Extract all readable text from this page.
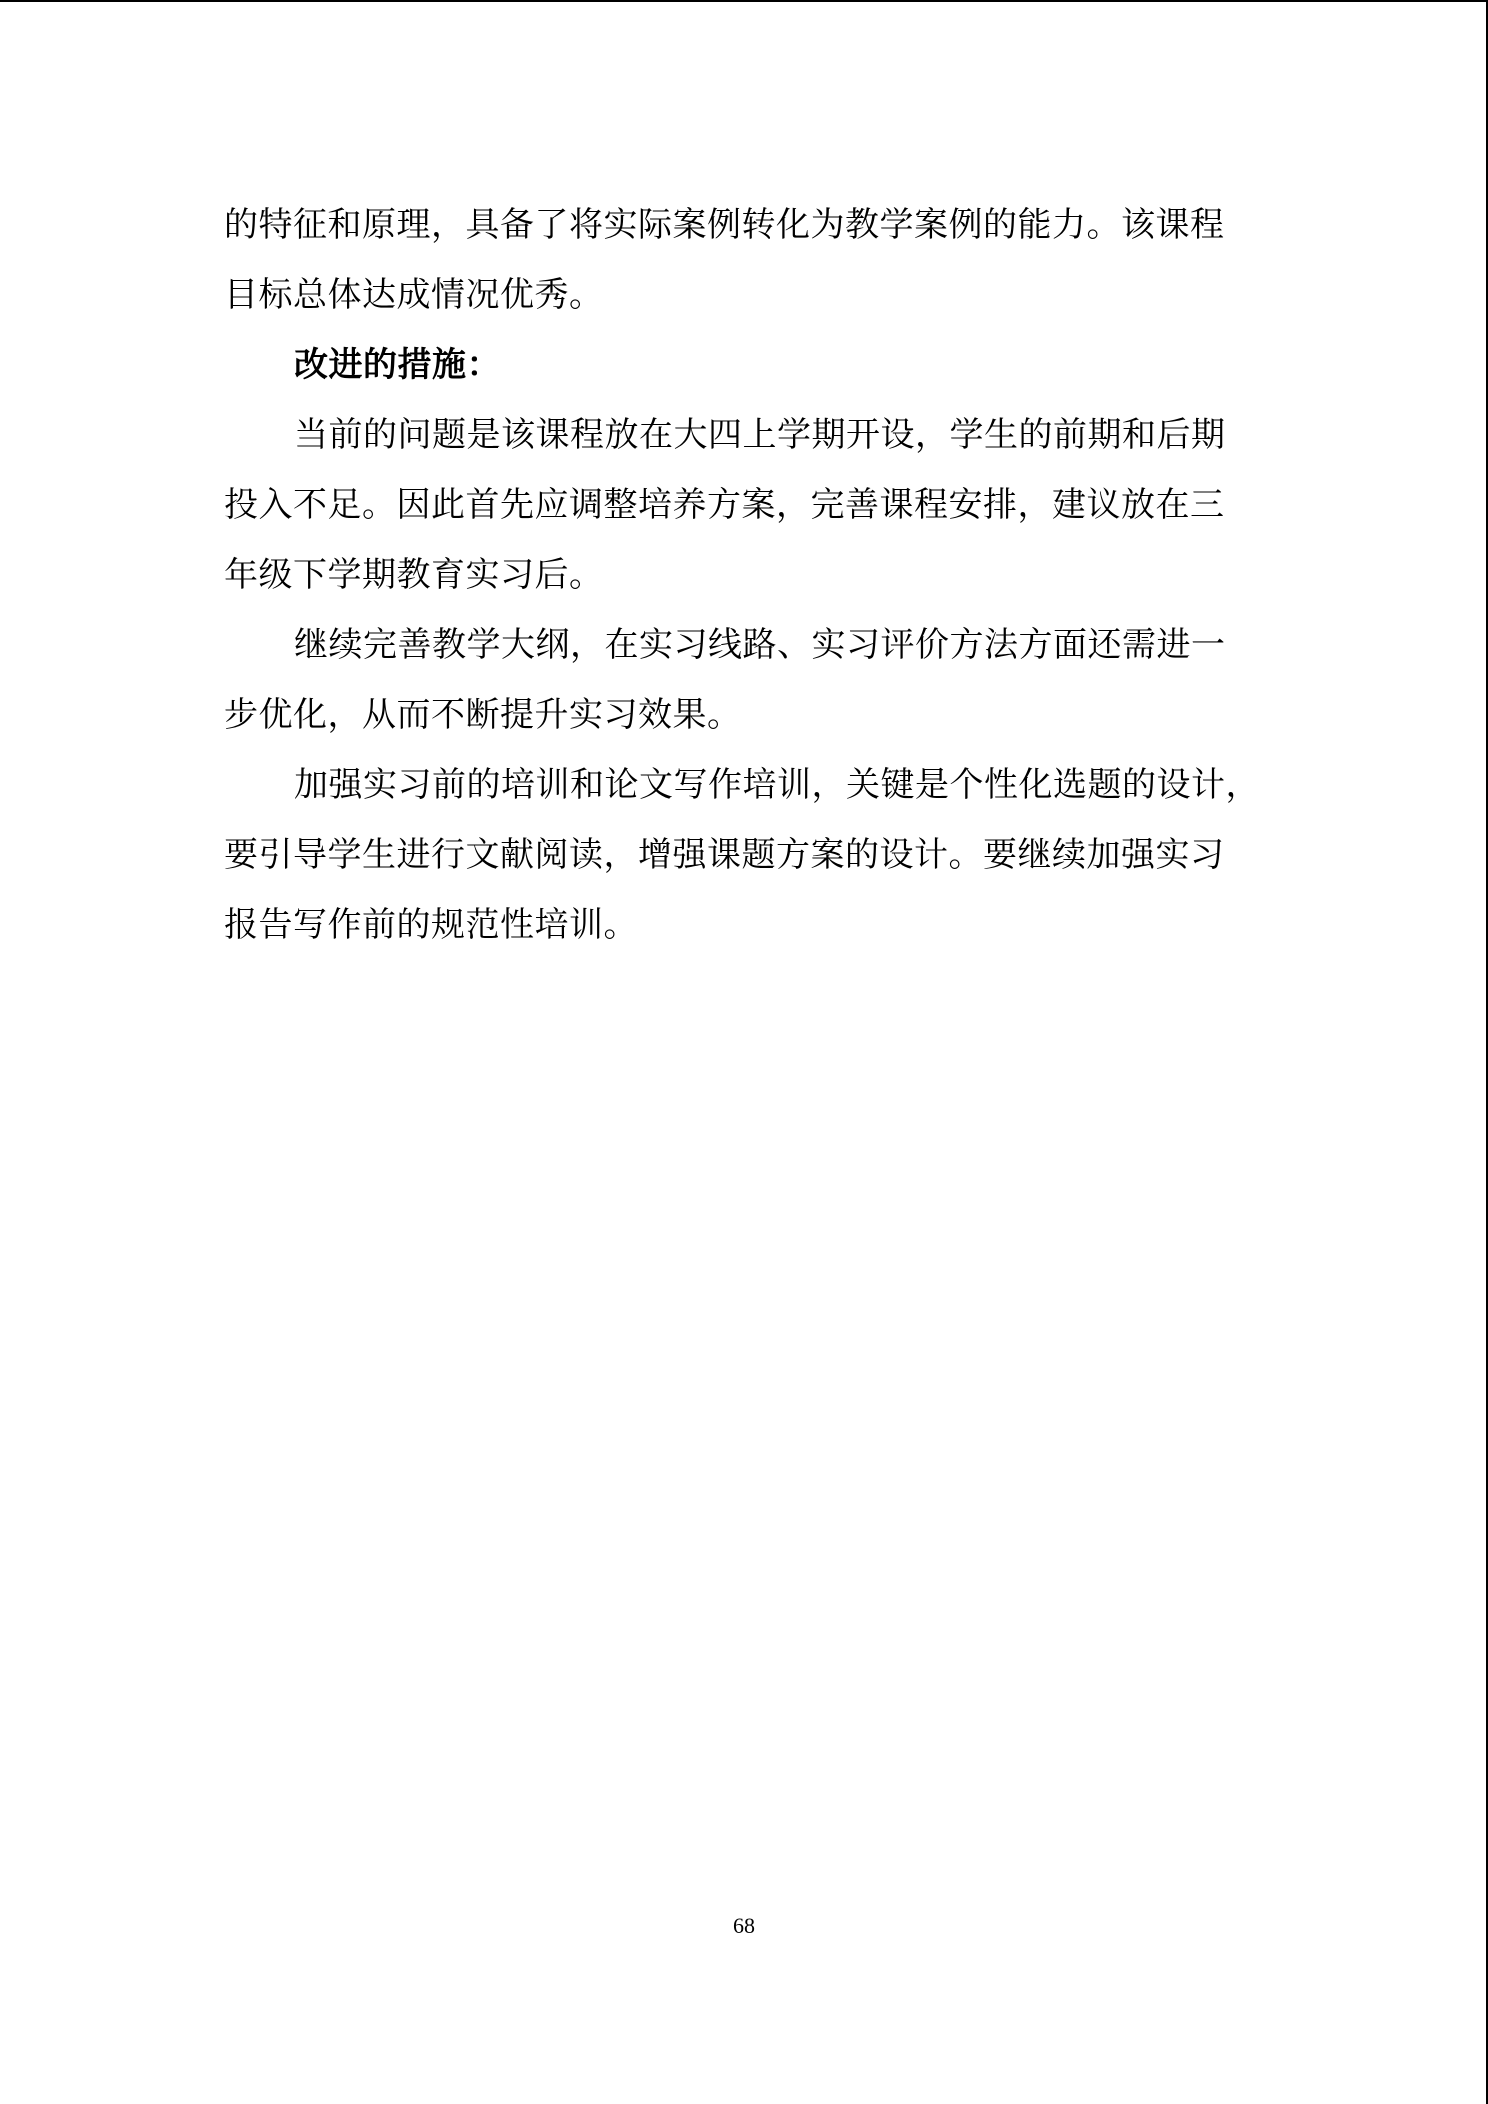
的特征和原理，具备了将实际案例转化为教学案例的能力。该课程
目标总体达成情况优秀。
改进的措施：
当前的问题是该课程放在大四上学期开设，学生的前期和后期
投入不足。因此首先应调整培养方案，完善课程安排，建议放在三
年级下学期教育实习后。
继续完善教学大纲，在实习线路、实习评价方法方面还需进一
步优化，从而不断提升实习效果。
加强实习前的培训和论文写作培训，关键是个性化选题的设计，
要引导学生进行文献阅读，增强课题方案的设计。要继续加强实习
报告写作前的规范性培训。
68
